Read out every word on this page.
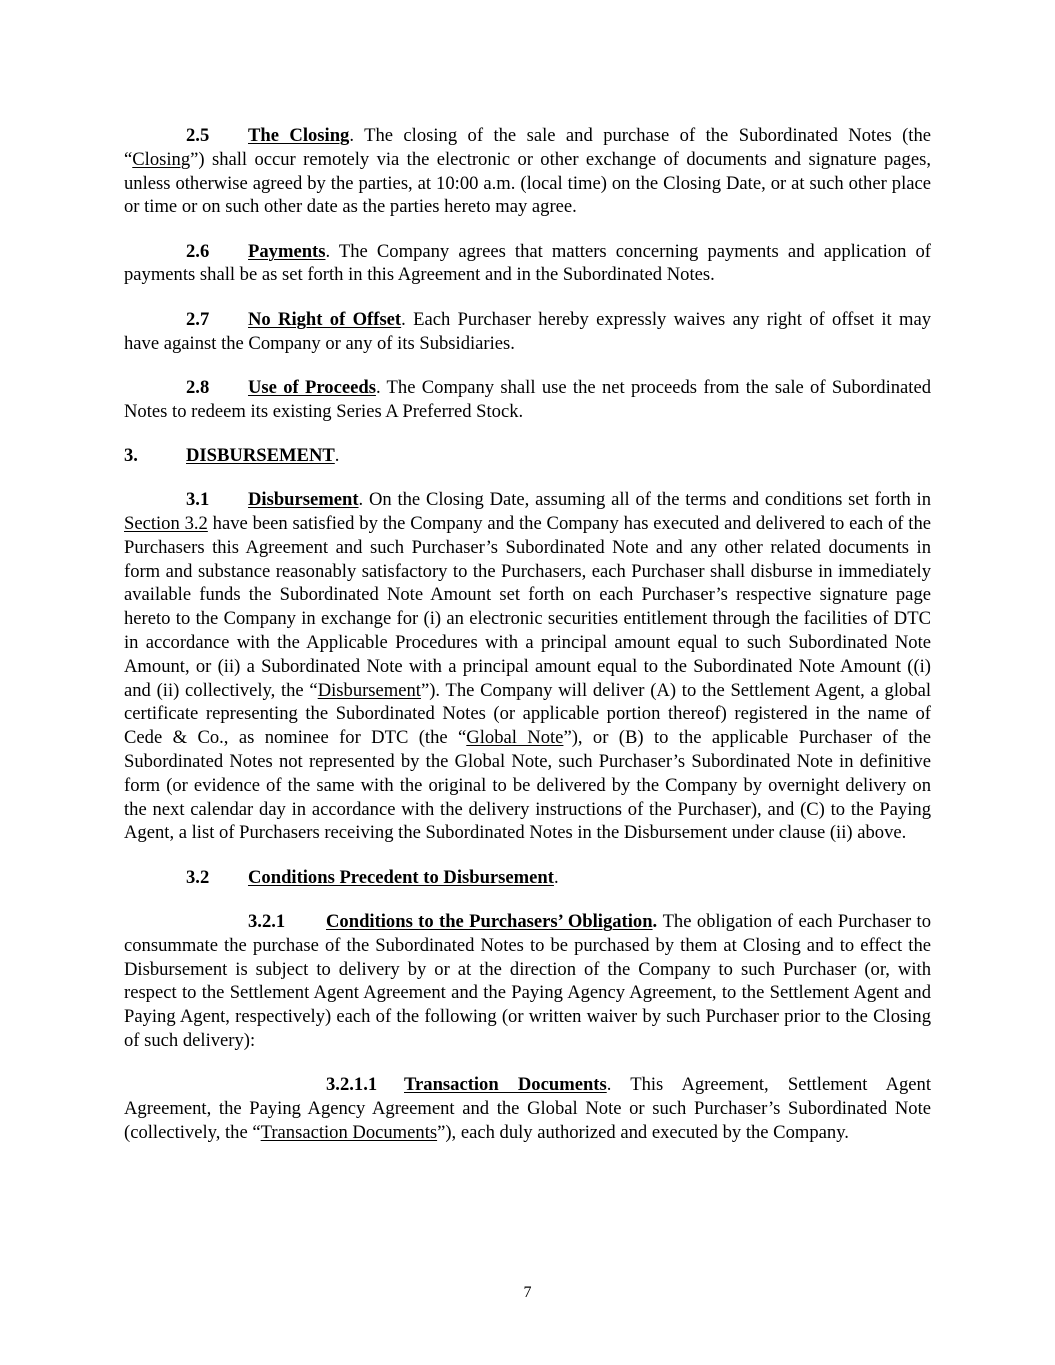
2.5 The Closing. The closing of the sale and purchase of the Subordinated Notes (the “Closing”) shall occur remotely via the electronic or other exchange of documents and signature pages, unless otherwise agreed by the parties, at 10:00 a.m. (local time) on the Closing Date, or at such other place or time or on such other date as the parties hereto may agree.

2.6 Payments. The Company agrees that matters concerning payments and application of payments shall be as set forth in this Agreement and in the Subordinated Notes.

2.7 No Right of Offset. Each Purchaser hereby expressly waives any right of offset it may have against the Company or any of its Subsidiaries.

2.8 Use of Proceeds. The Company shall use the net proceeds from the sale of Subordinated Notes to redeem its existing Series A Preferred Stock.

3.	DISBURSEMENT.

3.1 Disbursement. On the Closing Date, assuming all of the terms and conditions set forth in Section 3.2 have been satisfied by the Company and the Company has executed and delivered to each of the Purchasers this Agreement and such Purchaser’s Subordinated Note and any other related documents in form and substance reasonably satisfactory to the Purchasers, each Purchaser shall disburse in immediately available funds the Subordinated Note Amount set forth on each Purchaser’s respective signature page hereto to the Company in exchange for (i) an electronic securities entitlement through the facilities of DTC in accordance with the Applicable Procedures with a principal amount equal to such Subordinated Note Amount, or (ii) a Subordinated Note with a principal amount equal to the Subordinated Note Amount ((i) and (ii) collectively, the “Disbursement”). The Company will deliver (A) to the Settlement Agent, a global certificate representing the Subordinated Notes (or applicable portion thereof) registered in the name of Cede & Co., as nominee for DTC (the “Global Note”), or (B) to the applicable Purchaser of the Subordinated Notes not represented by the Global Note, such Purchaser’s Subordinated Note in definitive form (or evidence of the same with the original to be delivered by the Company by overnight delivery on the next calendar day in accordance with the delivery instructions of the Purchaser), and (C) to the Paying Agent, a list of Purchasers receiving the Subordinated Notes in the Disbursement under clause (ii) above.

3.2 Conditions Precedent to Disbursement.

3.2.1 Conditions to the Purchasers’ Obligation. The obligation of each Purchaser to consummate the purchase of the Subordinated Notes to be purchased by them at Closing and to effect the Disbursement is subject to delivery by or at the direction of the Company to such Purchaser (or, with respect to the Settlement Agent Agreement and the Paying Agency Agreement, to the Settlement Agent and Paying Agent, respectively) each of the following (or written waiver by such Purchaser prior to the Closing of such delivery):

3.2.1.1 Transaction Documents. This Agreement, Settlement Agent Agreement, the Paying Agency Agreement and the Global Note or such Purchaser’s Subordinated Note (collectively, the “Transaction Documents”), each duly authorized and executed by the Company.

7
